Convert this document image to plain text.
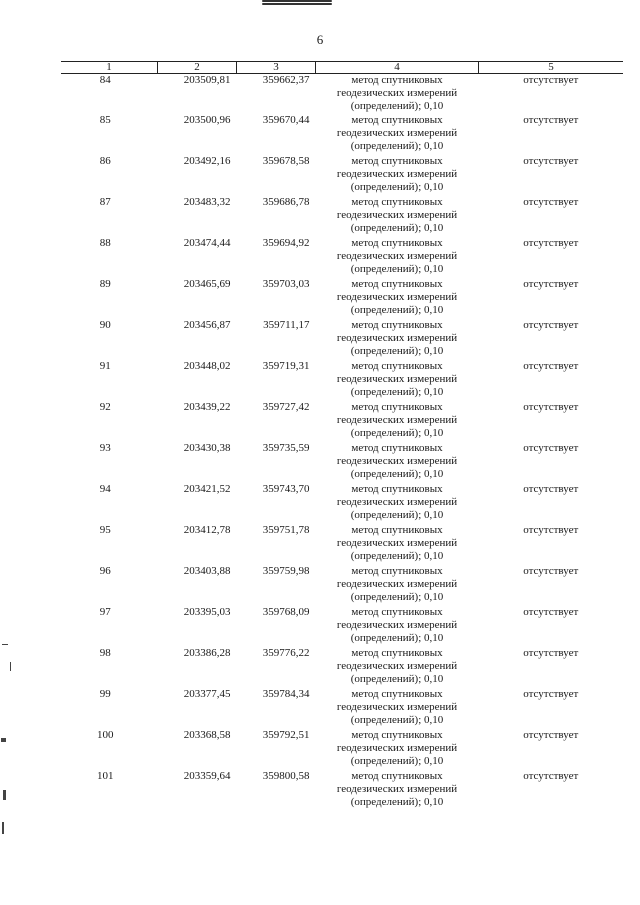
6
1	2	3	4	5
84	203509,81	359662,37	метод спутниковых
геодезических измерений
(определений); 0,10	отсутствует
85	203500,96	359670,44	метод спутниковых
геодезических измерений
(определений); 0,10	отсутствует
86	203492,16	359678,58	метод спутниковых
геодезических измерений
(определений); 0,10	отсутствует
87	203483,32	359686,78	метод спутниковых
геодезических измерений
(определений); 0,10	отсутствует
88	203474,44	359694,92	метод спутниковых
геодезических измерений
(определений); 0,10	отсутствует
89	203465,69	359703,03	метод спутниковых
геодезических измерений
(определений); 0,10	отсутствует
90	203456,87	359711,17	метод спутниковых
геодезических измерений
(определений); 0,10	отсутствует
91	203448,02	359719,31	метод спутниковых
геодезических измерений
(определений); 0,10	отсутствует
92	203439,22	359727,42	метод спутниковых
геодезических измерений
(определений); 0,10	отсутствует
93	203430,38	359735,59	метод спутниковых
геодезических измерений
(определений); 0,10	отсутствует
94	203421,52	359743,70	метод спутниковых
геодезических измерений
(определений); 0,10	отсутствует
95	203412,78	359751,78	метод спутниковых
геодезических измерений
(определений); 0,10	отсутствует
96	203403,88	359759,98	метод спутниковых
геодезических измерений
(определений); 0,10	отсутствует
97	203395,03	359768,09	метод спутниковых
геодезических измерений
(определений); 0,10	отсутствует
98	203386,28	359776,22	метод спутниковых
геодезических измерений
(определений); 0,10	отсутствует
99	203377,45	359784,34	метод спутниковых
геодезических измерений
(определений); 0,10	отсутствует
100	203368,58	359792,51	метод спутниковых
геодезических измерений
(определений); 0,10	отсутствует
101	203359,64	359800,58	метод спутниковых
геодезических измерений
(определений); 0,10	отсутствует
